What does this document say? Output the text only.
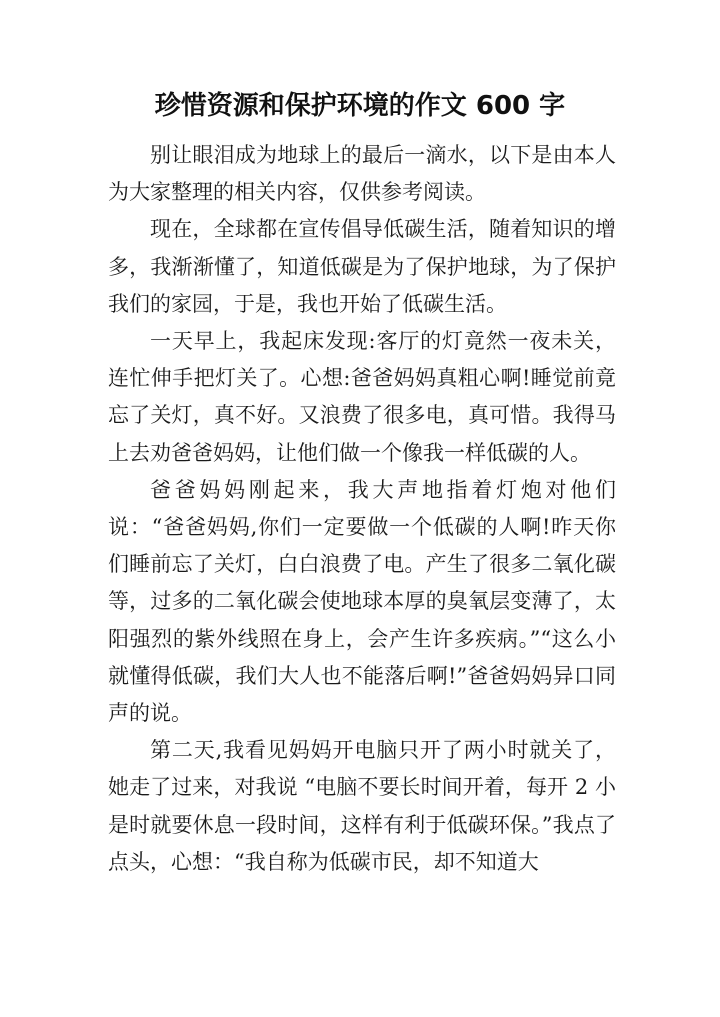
珍惜资源和保护环境的作文 600 字

别让眼泪成为地球上的最后一滴水，以下是由本人为大家整理的相关内容，仅供参考阅读。

现在，全球都在宣传倡导低碳生活，随着知识的增多，我渐渐懂了，知道低碳是为了保护地球，为了保护我们的家园，于是，我也开始了低碳生活。

一天早上，我起床发现:客厅的灯竟然一夜未关，连忙伸手把灯关了。心想:爸爸妈妈真粗心啊!睡觉前竟忘了关灯，真不好。又浪费了很多电，真可惜。我得马上去劝爸爸妈妈，让他们做一个像我一样低碳的人。

爸爸妈妈刚起来，我大声地指着灯炮对他们说：“爸爸妈妈,你们一定要做一个低碳的人啊!昨天你们睡前忘了关灯，白白浪费了电。产生了很多二氧化碳等，过多的二氧化碳会使地球本厚的臭氧层变薄了，太阳强烈的紫外线照在身上，会产生许多疾病。”“这么小就懂得低碳，我们大人也不能落后啊!”爸爸妈妈异口同声的说。

第二天,我看见妈妈开电脑只开了两小时就关了，她走了过来，对我说 “电脑不要长时间开着，每开 2 小是时就要休息一段时间，这样有利于低碳环保。”我点了点头，心想：“我自称为低碳市民，却不知道大
